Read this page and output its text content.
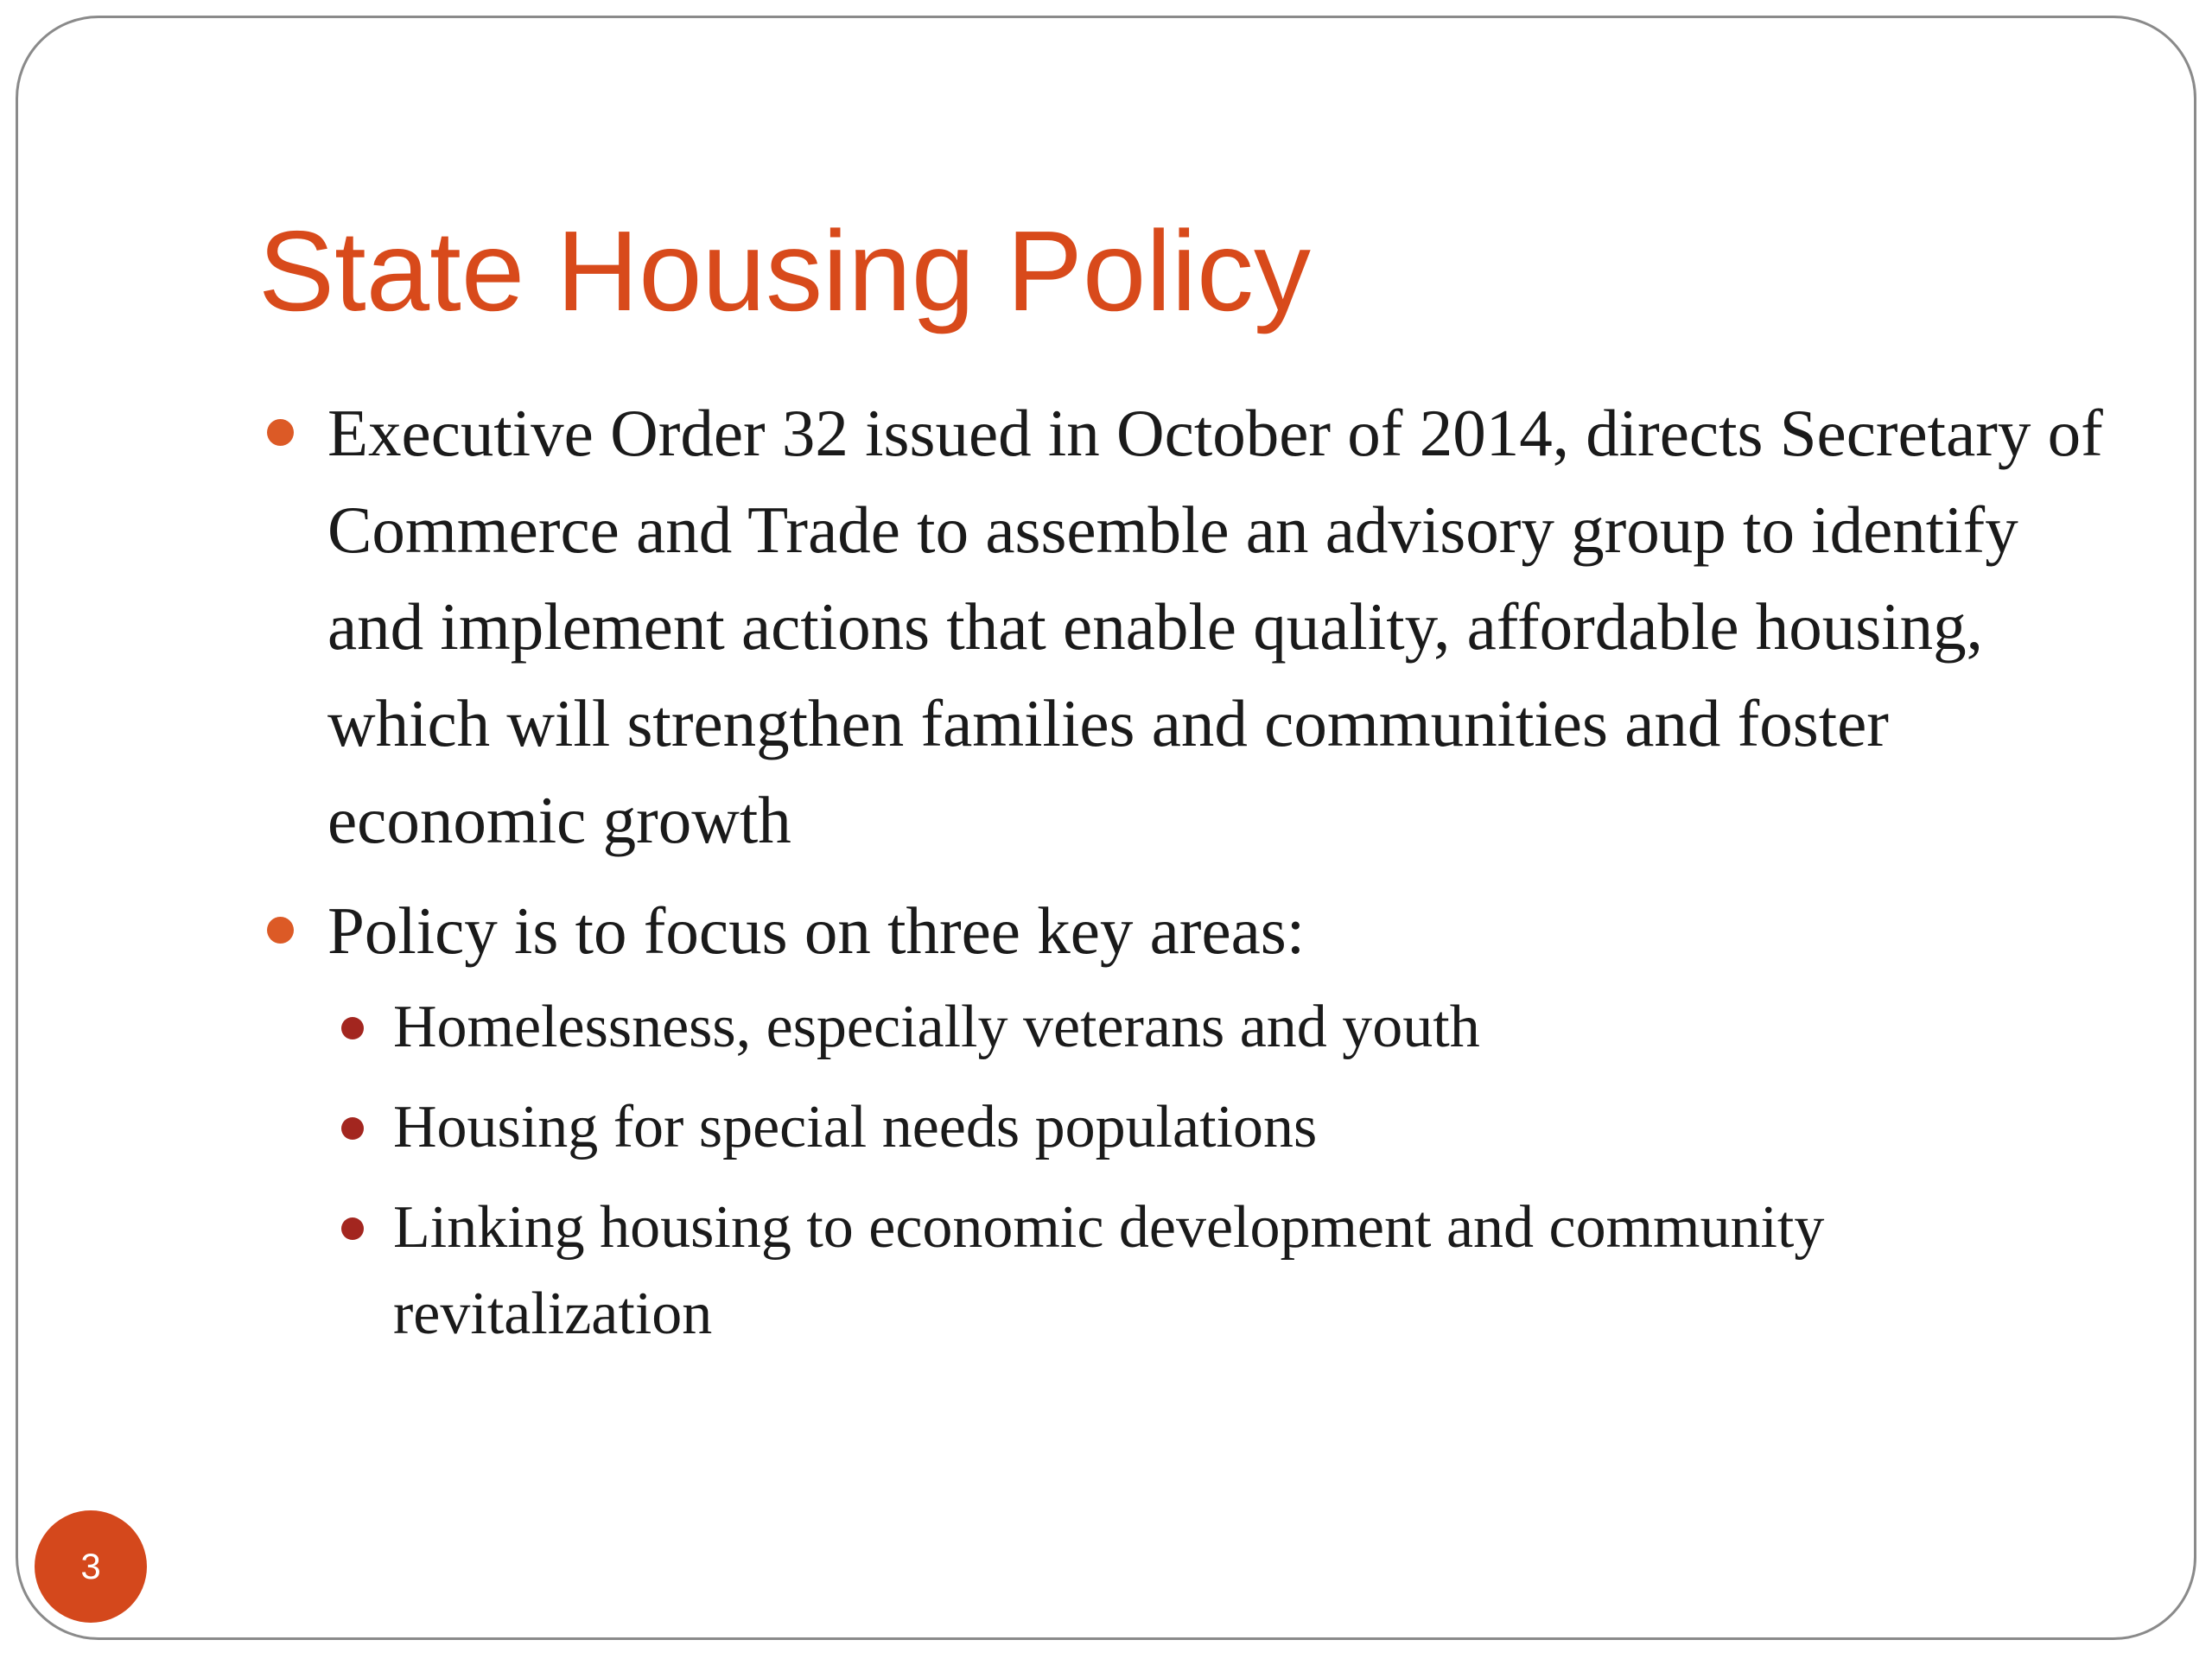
State Housing Policy
Executive Order 32 issued in October of 2014, directs Secretary of Commerce and Trade to assemble an advisory group to identify and implement actions that enable quality, affordable housing, which will strengthen families and communities and foster economic growth
Policy is to focus on three key areas:
Homelessness, especially veterans and youth
Housing for special needs populations
Linking housing to economic development and community revitalization
3
